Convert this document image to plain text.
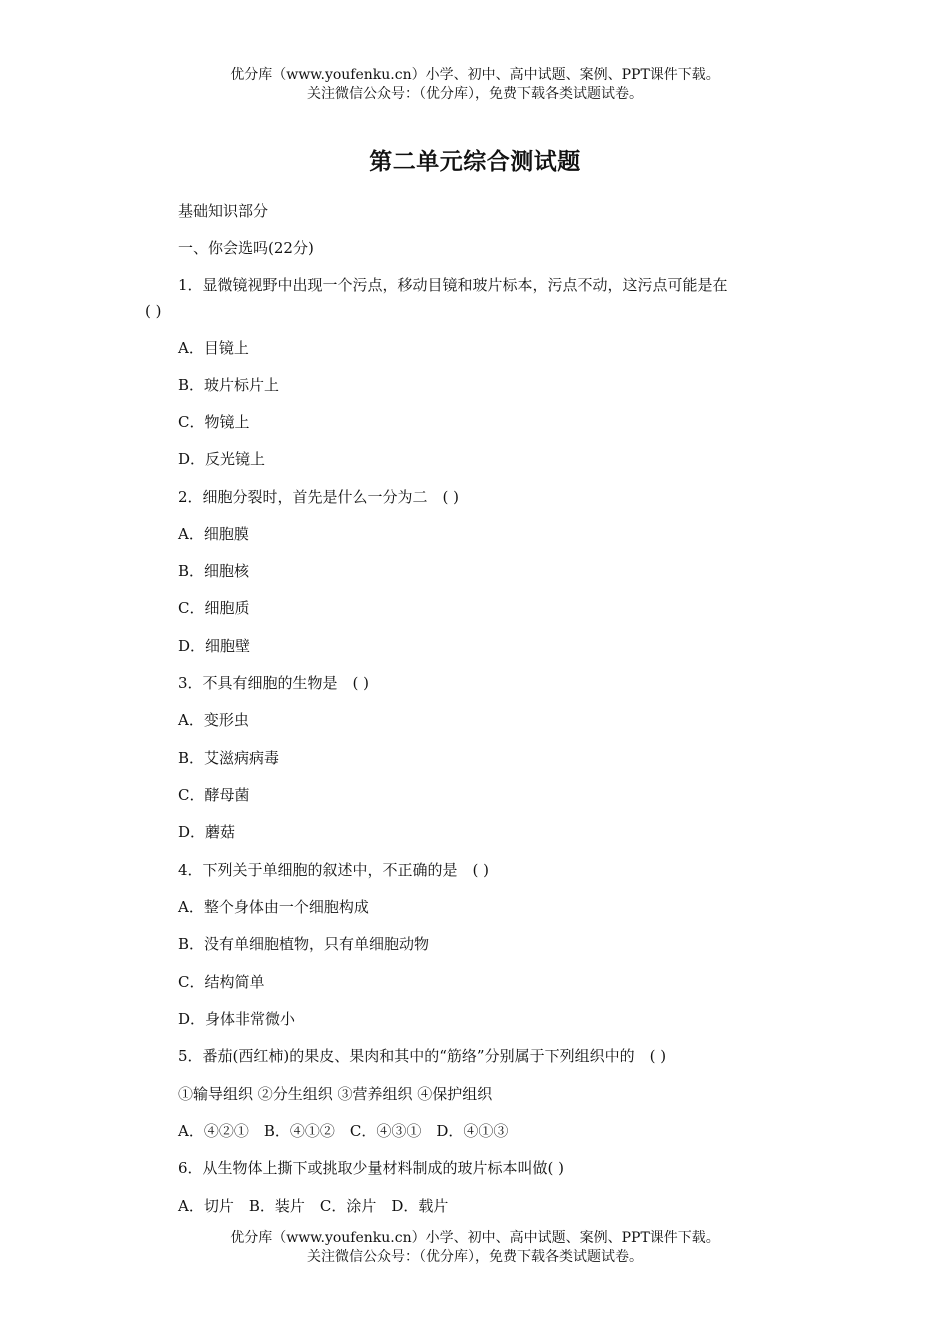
优分库（www.youfenku.cn）小学、初中、高中试题、案例、PPT课件下载。
关注微信公众号：（优分库），免费下载各类试题试卷。
第二单元综合测试题
基础知识部分
一、你会选吗(22分)
1．显微镜视野中出现一个污点，移动目镜和玻片标本，污点不动，这污点可能是在
( )
A．目镜上
B．玻片标片上
C．物镜上
D．反光镜上
2．细胞分裂时，首先是什么一分为二　( )
A．细胞膜
B．细胞核
C．细胞质
D．细胞壁
3．不具有细胞的生物是　( )
A．变形虫
B．艾滋病病毒
C．酵母菌
D．蘑菇
4．下列关于单细胞的叙述中，不正确的是　( )
A．整个身体由一个细胞构成
B．没有单细胞植物，只有单细胞动物
C．结构简单
D．身体非常微小
5．番茄(西红柿)的果皮、果肉和其中的“筋络”分别属于下列组织中的　( )
①输导组织 ②分生组织 ③营养组织 ④保护组织
A．④②①　B．④①②　C．④③①　D．④①③
6．从生物体上撕下或挑取少量材料制成的玻片标本叫做( )
A．切片　B．装片　C．涂片　D．载片
优分库（www.youfenku.cn）小学、初中、高中试题、案例、PPT课件下载。
关注微信公众号：（优分库），免费下载各类试题试卷。
